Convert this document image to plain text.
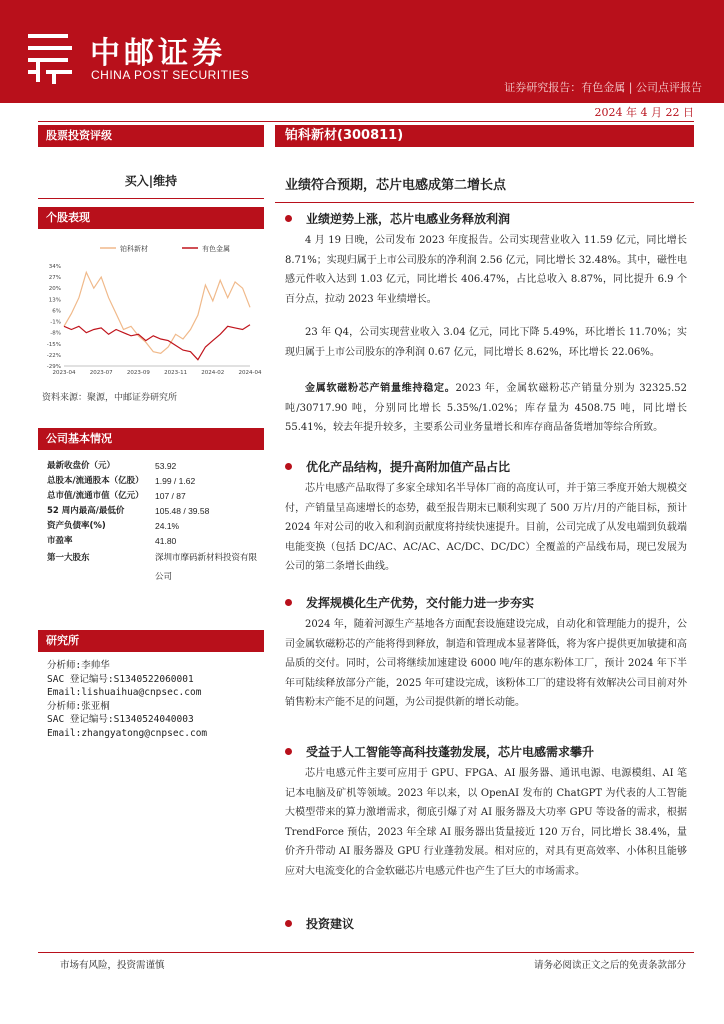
中邮证券
CHINA POST SECURITIES
证券研究报告：有色金属 | 公司点评报告
2024 年 4 月 22 日
股票投资评级
买入|维持
个股表现
铂科新材	有色金属
34%
27%
20%
13%
6%
-1%
-8%
-15%
-22%
-29%
2023-04	2023-07	2023-09	2023-11	2024-02	2024-04
资料来源：聚源，中邮证券研究所
公司基本情况
最新收盘价（元）	53.92
总股本/流通股本（亿股）	1.99 / 1.62
总市值/流通市值（亿元）	107 / 87
52 周内最高/最低价	105.48 / 39.58
资产负债率(%)	24.1%
市盈率	41.80
第一大股东	深圳市摩码新材料投资有限公司
研究所
分析师:李帅华
SAC 登记编号:S1340522060001
Email:lishuaihua@cnpsec.com
分析师:张亚桐
SAC 登记编号:S1340524040003
Email:zhangyatong@cnpsec.com
铂科新材(300811)
业绩符合预期，芯片电感成第二增长点
业绩逆势上涨，芯片电感业务释放利润
4 月 19 日晚，公司发布 2023 年度报告。公司实现营业收入 11.59 亿元，同比增长 8.71%；实现归属于上市公司股东的净利润 2.56 亿元，同比增长 32.48%。其中，磁性电感元件收入达到 1.03 亿元，同比增长 406.47%，占比总收入 8.87%，同比提升 6.9 个百分点，拉动 2023 年业绩增长。
23 年 Q4，公司实现营业收入 3.04 亿元，同比下降 5.49%，环比增长 11.70%；实现归属于上市公司股东的净利润 0.67 亿元，同比增长 8.62%，环比增长 22.06%。
金属软磁粉芯产销量维持稳定。2023 年，金属软磁粉芯产销量分别为 32325.52 吨/30717.90 吨，分别同比增长 5.35%/1.02%；库存量为 4508.75 吨，同比增长 55.41%，较去年提升较多，主要系公司业务量增长和库存商品备货增加等综合所致。
优化产品结构，提升高附加值产品占比
芯片电感产品取得了多家全球知名半导体厂商的高度认可，并于第三季度开始大规模交付，产销量呈高速增长的态势，截至报告期末已顺利实现了 500 万片/月的产能目标，预计 2024 年对公司的收入和利润贡献度将持续快速提升。目前，公司完成了从发电端到负载端电能变换（包括 DC/AC、AC/AC、AC/DC、DC/DC）全覆盖的产品线布局，现已发展为公司的第二条增长曲线。
发挥规模化生产优势，交付能力进一步夯实
2024 年，随着河源生产基地各方面配套设施建设完成，自动化和管理能力的提升，公司金属软磁粉芯的产能将得到释放，制造和管理成本显著降低，将为客户提供更加敏捷和高品质的交付。同时，公司将继续加速建设 6000 吨/年的惠东粉体工厂，预计 2024 年下半年可陆续释放部分产能，2025 年可建设完成，该粉体工厂的建设将有效解决公司目前对外销售粉末产能不足的问题，为公司提供新的增长动能。
受益于人工智能等高科技蓬勃发展，芯片电感需求攀升
芯片电感元件主要可应用于 GPU、FPGA、AI 服务器、通讯电源、电源模组、AI 笔记本电脑及矿机等领域。2023 年以来，以 OpenAI 发布的 ChatGPT 为代表的人工智能大模型带来的算力激增需求，彻底引爆了对 AI 服务器及大功率 GPU 等设备的需求，根据 TrendForce 预估，2023 年全球 AI 服务器出货量接近 120 万台，同比增长 38.4%，量价齐升带动 AI 服务器及 GPU 行业蓬勃发展。相对应的，对具有更高效率、小体积且能够应对大电流变化的合金软磁芯片电感元件也产生了巨大的市场需求。
投资建议
市场有风险，投资需谨慎	请务必阅读正文之后的免责条款部分
